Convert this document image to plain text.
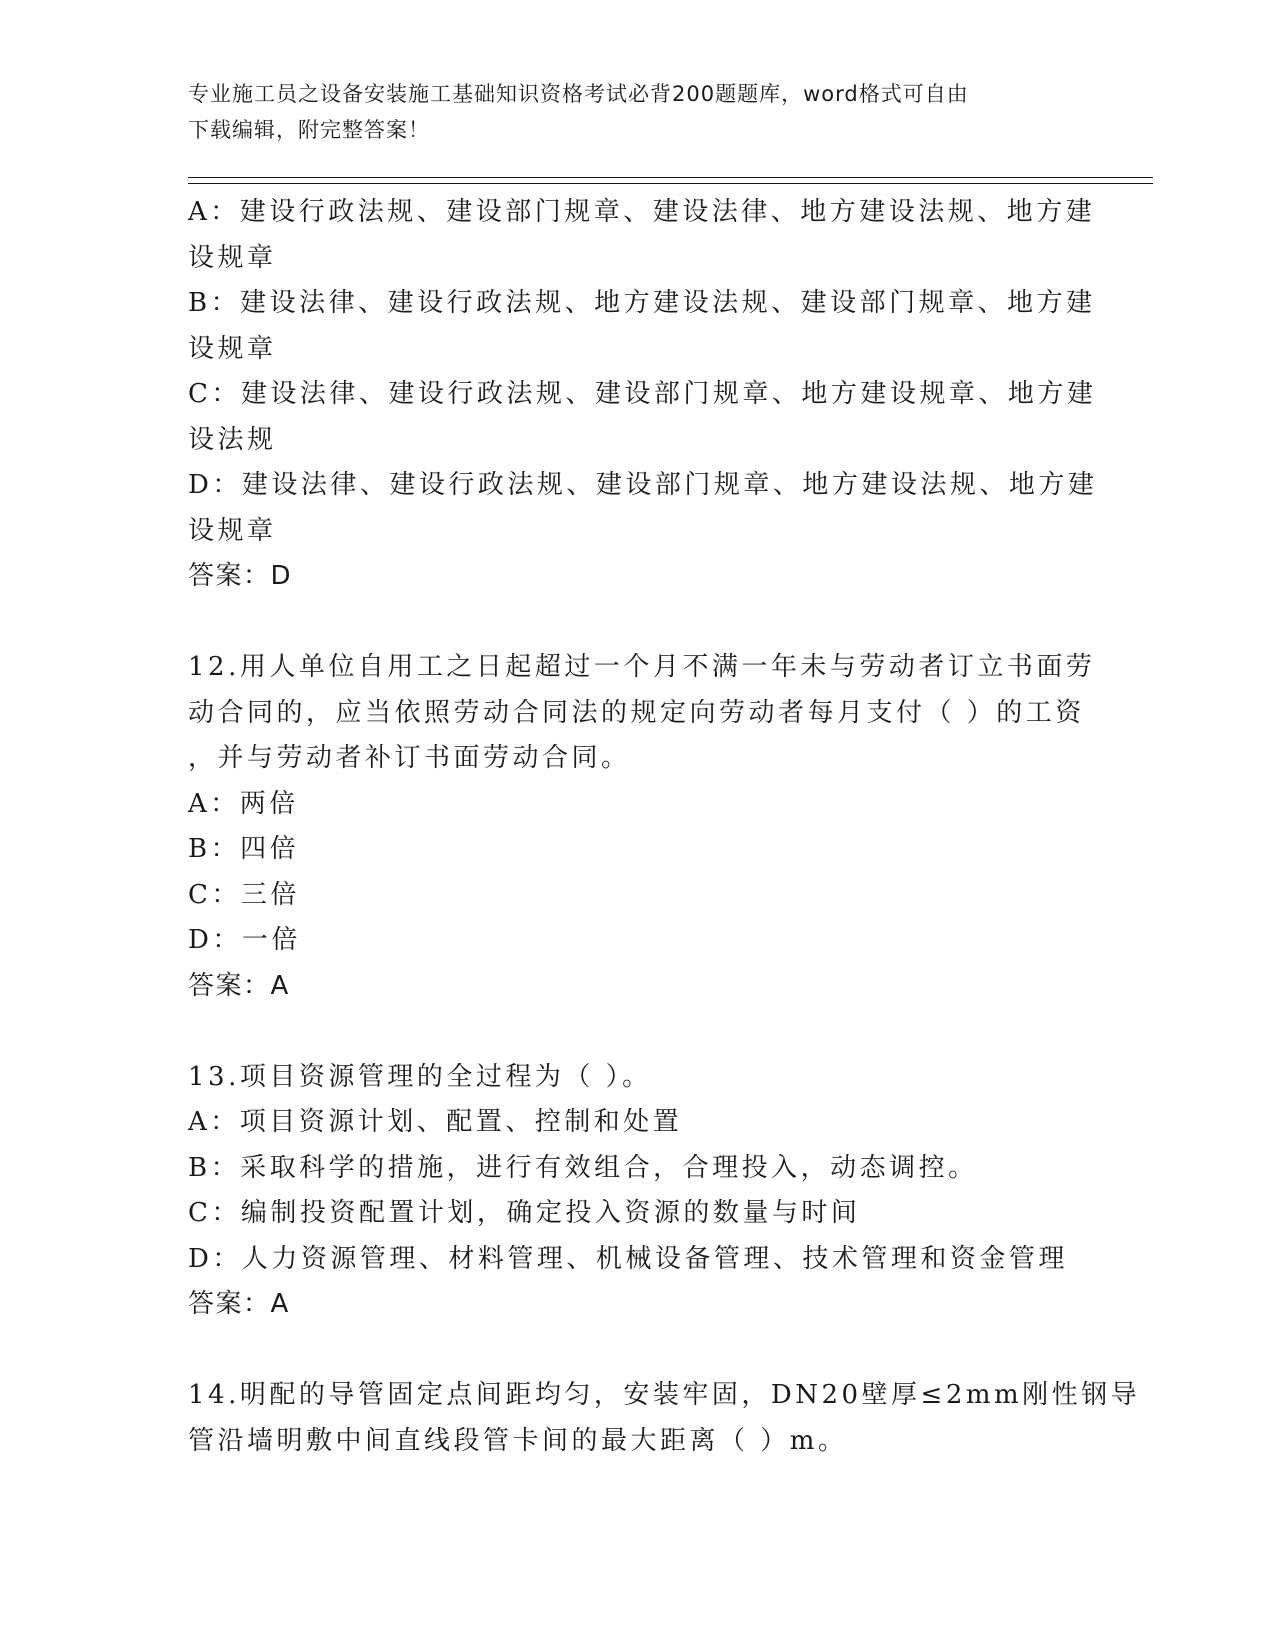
专业施工员之设备安装施工基础知识资格考试必背200题题库，word格式可自由
下载编辑，附完整答案！
A：建设行政法规、建设部门规章、建设法律、地方建设法规、地方建
设规章
B：建设法律、建设行政法规、地方建设法规、建设部门规章、地方建
设规章
C：建设法律、建设行政法规、建设部门规章、地方建设规章、地方建
设法规
D：建设法律、建设行政法规、建设部门规章、地方建设法规、地方建
设规章
答案：D
12.用人单位自用工之日起超过一个月不满一年未与劳动者订立书面劳
动合同的，应当依照劳动合同法的规定向劳动者每月支付（ ）的工资
，并与劳动者补订书面劳动合同。
A：两倍
B：四倍
C：三倍
D：一倍
答案：A
13.项目资源管理的全过程为（ ）。
A：项目资源计划、配置、控制和处置
B：采取科学的措施，进行有效组合，合理投入，动态调控。
C：编制投资配置计划，确定投入资源的数量与时间
D：人力资源管理、材料管理、机械设备管理、技术管理和资金管理
答案：A
14.明配的导管固定点间距均匀，安装牢固，DN20壁厚≤2mm刚性钢导
管沿墙明敷中间直线段管卡间的最大距离（ ）m。
